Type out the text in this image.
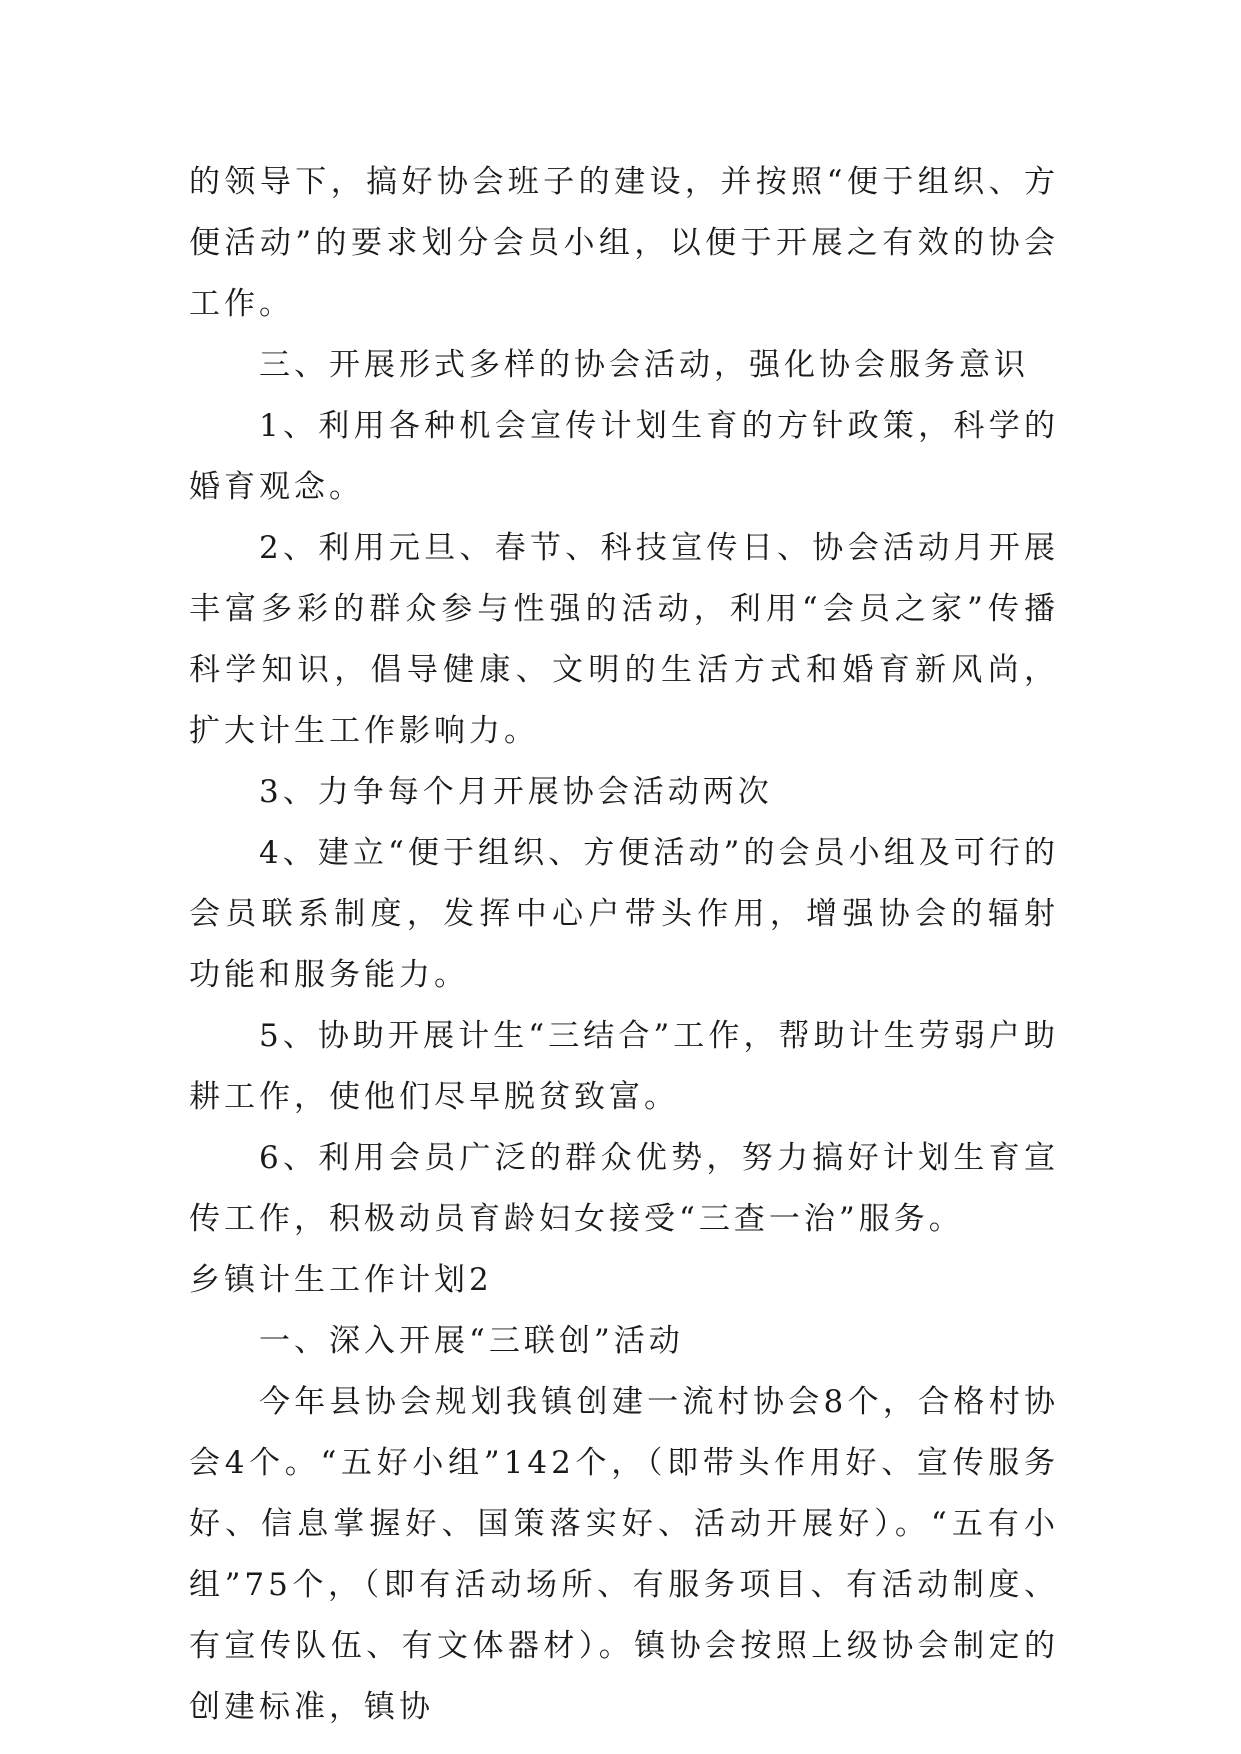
的领导下，搞好协会班子的建设，并按照“便于组织、方便活动”的要求划分会员小组，以便于开展之有效的协会工作。

三、开展形式多样的协会活动，强化协会服务意识

1、利用各种机会宣传计划生育的方针政策，科学的婚育观念。

2、利用元旦、春节、科技宣传日、协会活动月开展丰富多彩的群众参与性强的活动，利用“会员之家”传播科学知识，倡导健康、文明的生活方式和婚育新风尚，扩大计生工作影响力。

3、力争每个月开展协会活动两次

4、建立“便于组织、方便活动”的会员小组及可行的会员联系制度，发挥中心户带头作用，增强协会的辐射功能和服务能力。

5、协助开展计生“三结合”工作，帮助计生劳弱户助耕工作，使他们尽早脱贫致富。

6、利用会员广泛的群众优势，努力搞好计划生育宣传工作，积极动员育龄妇女接受“三查一治”服务。

乡镇计生工作计划2

一、深入开展“三联创”活动

今年县协会规划我镇创建一流村协会8个，合格村协会4个。“五好小组”142个，（即带头作用好、宣传服务好、信息掌握好、国策落实好、活动开展好）。“五有小组”75个，（即有活动场所、有服务项目、有活动制度、有宣传队伍、有文体器材）。镇协会按照上级协会制定的创建标准，镇协
